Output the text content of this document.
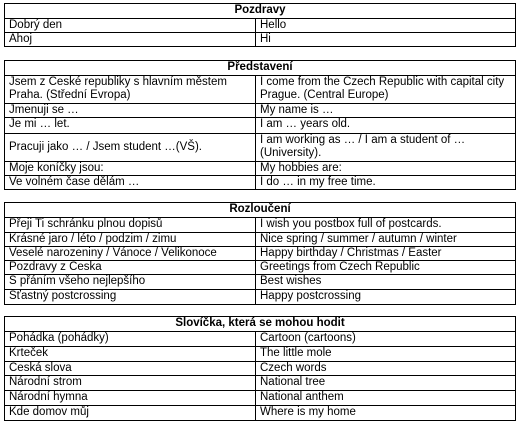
Pozdravy	
Dobrý den	Hello
Ahoj	Hi
Představení	
Jsem z České republiky s hlavním městem Praha. (Střední Evropa)	I come from the Czech Republic with capital city Prague. (Central Europe)
Jmenuji se …	My name is …
Je mi … let.	I am … years old.
Pracuji jako … / Jsem student …(VŠ).	I am working as … / I am a student of … (University).
Moje koníčky jsou:	My hobbies are:
Ve volném čase dělám …	I do … in my free time.
Rozloučení	
Přeji Ti schránku plnou dopisů	I wish you postbox full of postcards.
Krásné jaro / léto / podzim / zimu	Nice spring / summer / autumn / winter
Veselé narozeniny / Vánoce / Velikonoce	Happy birthday / Christmas / Easter
Pozdravy z Česka	Greetings from Czech Republic
S přáním všeho nejlepšího	Best wishes
Šťastný postcrossing	Happy postcrossing
Slovíčka, která se mohou hodit	
Pohádka (pohádky)	Cartoon (cartoons)
Krteček	The little mole
Česká slova	Czech words
Národní strom	National tree
Národní hymna	National anthem
Kde domov můj	Where is my home
